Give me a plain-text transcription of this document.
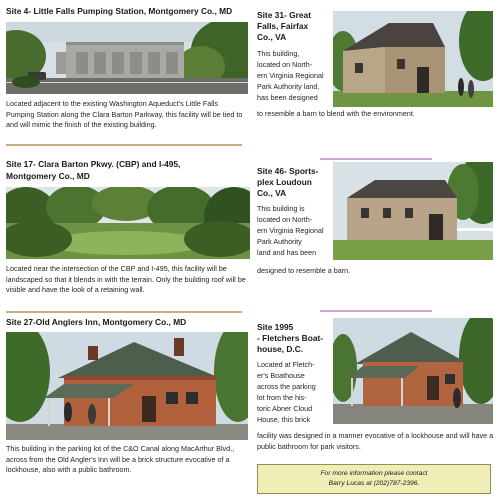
Site 4- Little Falls Pumping Station, Montgomery Co., MD
Located adjacent to the existing Washington Aqueduct's Little Falls Pumping Station along the Clara Barton Parkway, this facility will be tied to and will mimic the finish of the existing building.
Site 17- Clara Barton Pkwy. (CBP) and I-495,
Montgomery Co., MD
Located near the intersection of the CBP and I-495, this facility will be landscaped so that it blends in with the terrain. Only the building roof will be visible and have the look of a retaining wall.
Site 27-Old Anglers Inn, Montgomery Co., MD
This building in the parking lot of the C&O Canal along MacArthur Blvd., across from the Old Angler's Inn will be a brick structure evocative of a lockhouse, also with a public bathroom.
Site 31- Great
Falls, Fairfax
Co., VA
This building,
located on North-
ern Virginia Regional
Park Authority land,
has been designed
to resemble a barn to blend with the environment.
Site 46- Sports-
plex Loudoun
Co., VA
This building is
located on North-
ern Virginia Regional
Park Authority
land and has been
designed to resemble a barn.
Site 1995
- Fletchers Boat-
house, D.C.
Located at Fletch-
er's Boathouse
across the parking
lot from the his-
toric Abner Cloud
House, this brick
facility was designed in a manner evocative of a lockhouse and will have a public bathroom for park visitors.
For more information please contact
Barry Lucas at (202)787-2396.
